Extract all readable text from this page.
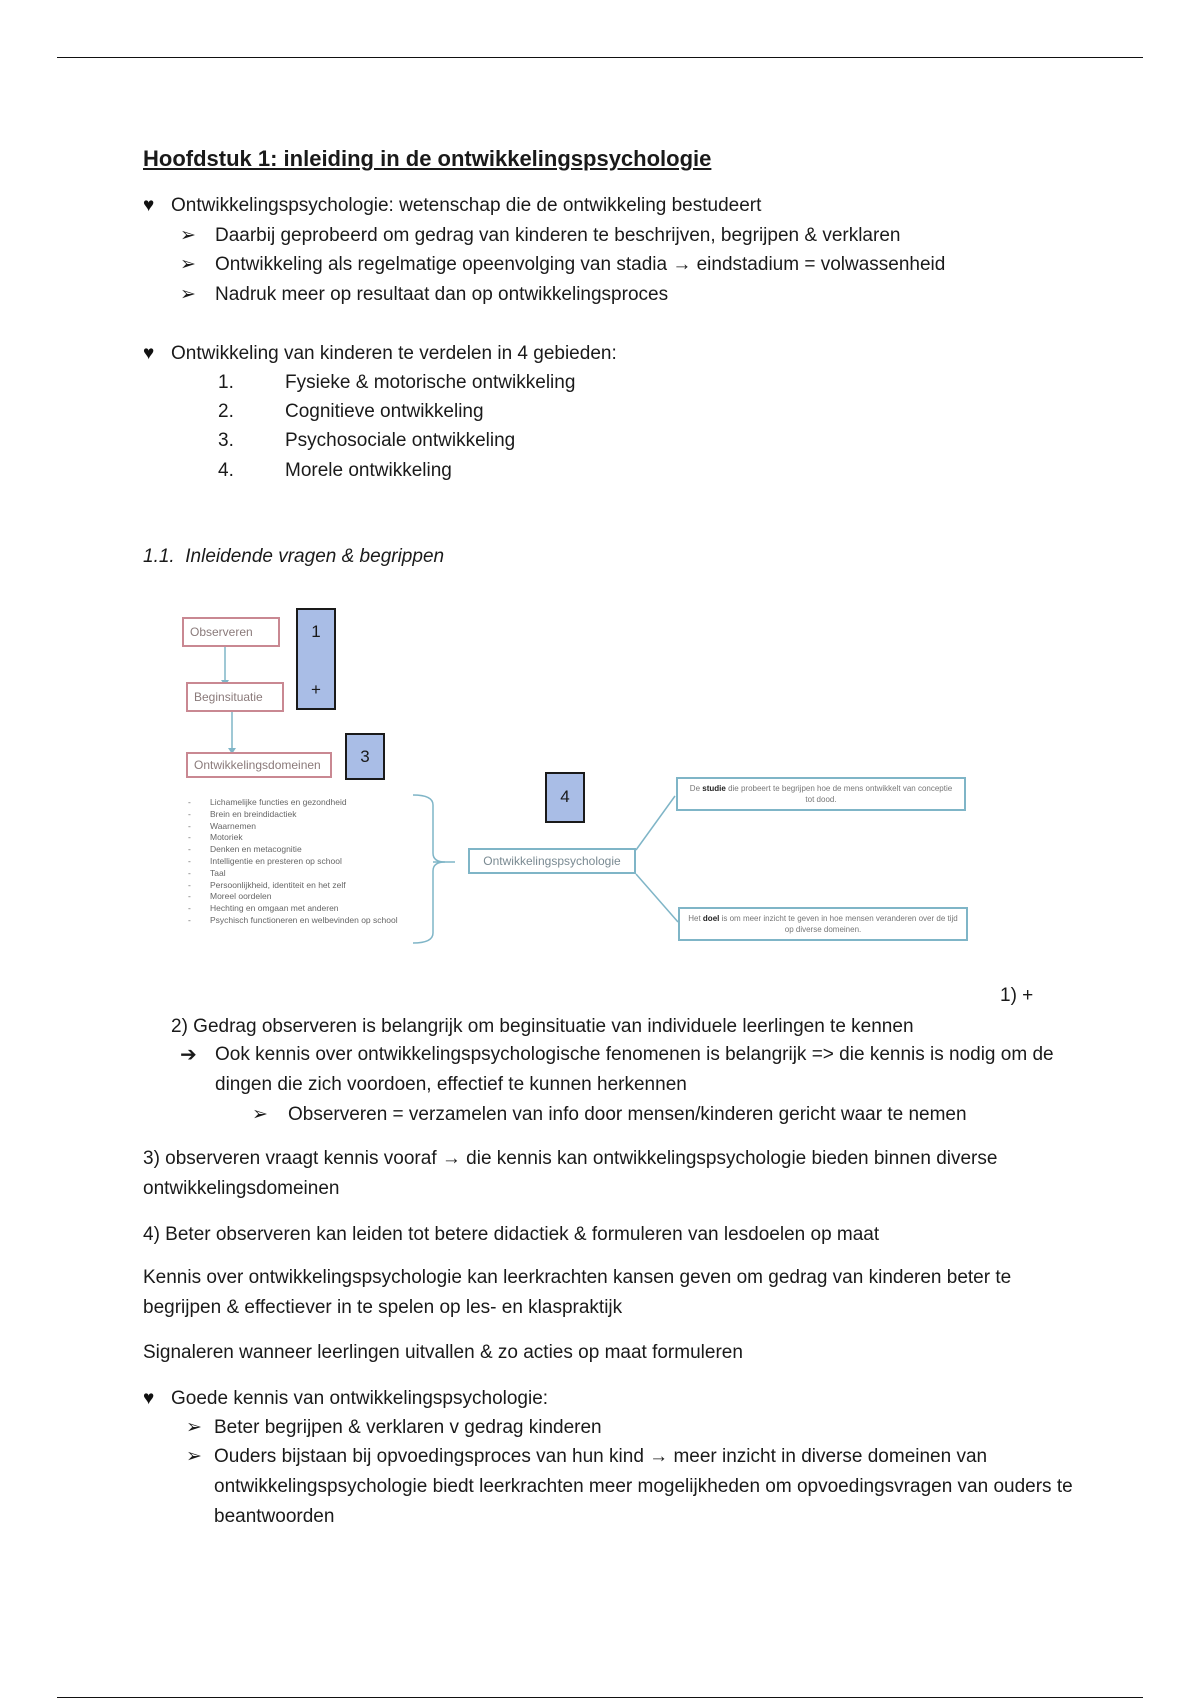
Hoofdstuk 1: inleiding in de ontwikkelingspsychologie
♥ Ontwikkelingspsychologie: wetenschap die de ontwikkeling bestudeert
➢ Daarbij geprobeerd om gedrag van kinderen te beschrijven, begrijpen & verklaren
➢ Ontwikkeling als regelmatige opeenvolging van stadia → eindstadium = volwassenheid
➢ Nadruk meer op resultaat dan op ontwikkelingsproces
♥ Ontwikkeling van kinderen te verdelen in 4 gebieden:
1.	Fysieke & motorische ontwikkeling
2.	Cognitieve ontwikkeling
3.	Psychosociale ontwikkeling
4.	Morele ontwikkeling
1.1. Inleidende vragen & begrippen
Observeren
Beginsituatie
Ontwikkelingsdomeinen
1
+
3
4
- Lichamelijke functies en gezondheid
- Brein en breindidactiek
- Waarnemen
- Motoriek
- Denken en metacognitie
- Intelligentie en presteren op school
- Taal
- Persoonlijkheid, identiteit en het zelf
- Moreel oordelen
- Hechting en omgaan met anderen
- Psychisch functioneren en welbevinden op school
Ontwikkelingspsychologie
De studie die probeert te begrijpen hoe de mens ontwikkelt van conceptie tot dood.
Het doel is om meer inzicht te geven in hoe mensen veranderen over de tijd op diverse domeinen.
1) +
2) Gedrag observeren is belangrijk om beginsituatie van individuele leerlingen te kennen
➔ Ook kennis over ontwikkelingspsychologische fenomenen is belangrijk => die kennis is nodig om de dingen die zich voordoen, effectief te kunnen herkennen
➢ Observeren = verzamelen van info door mensen/kinderen gericht waar te nemen
3) observeren vraagt kennis vooraf → die kennis kan ontwikkelingspsychologie bieden binnen diverse ontwikkelingsdomeinen
4) Beter observeren kan leiden tot betere didactiek & formuleren van lesdoelen op maat
Kennis over ontwikkelingspsychologie kan leerkrachten kansen geven om gedrag van kinderen beter te begrijpen & effectiever in te spelen op les- en klaspraktijk
Signaleren wanneer leerlingen uitvallen & zo acties op maat formuleren
♥ Goede kennis van ontwikkelingspsychologie:
➢ Beter begrijpen & verklaren v gedrag kinderen
➢ Ouders bijstaan bij opvoedingsproces van hun kind → meer inzicht in diverse domeinen van ontwikkelingspsychologie biedt leerkrachten meer mogelijkheden om opvoedingsvragen van ouders te beantwoorden
